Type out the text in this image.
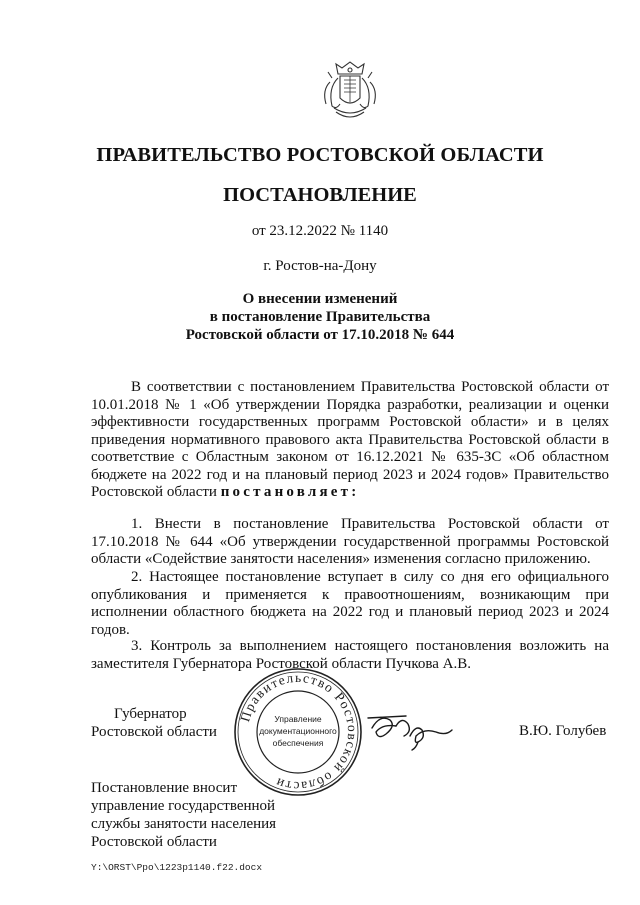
ПРАВИТЕЛЬСТВО РОСТОВСКОЙ ОБЛАСТИ
ПОСТАНОВЛЕНИЕ
от 23.12.2022 № 1140
г. Ростов-на-Дону
О внесении изменений
в постановление Правительства
Ростовской области от 17.10.2018 № 644
В соответствии с постановлением Правительства Ростовской области от 10.01.2018 № 1 «Об утверждении Порядка разработки, реализации и оценки эффективности государственных программ Ростовской области» и в целях приведения нормативного правового акта Правительства Ростовской области в соответствие с Областным законом от 16.12.2021 № 635-ЗС «Об областном бюджете на 2022 год и на плановый период 2023 и 2024 годов» Правительство Ростовской области постановляет:
1. Внести в постановление Правительства Ростовской области от 17.10.2018 № 644 «Об утверждении государственной программы Ростовской области «Содействие занятости населения» изменения согласно приложению.
2. Настоящее постановление вступает в силу со дня его официального опубликования и применяется к правоотношениям, возникающим при исполнении областного бюджета на 2022 год и плановый период 2023 и 2024 годов.
3. Контроль за выполнением настоящего постановления возложить на заместителя Губернатора Ростовской области Пучкова А.В.
Губернатор
Ростовской области
Правительство Ростовской области
Управление
документационного
обеспечения
В.Ю. Голубев
Постановление вносит
управление государственной
службы занятости населения
Ростовской области
Y:\ORST\Ppo\1223p1140.f22.docx
